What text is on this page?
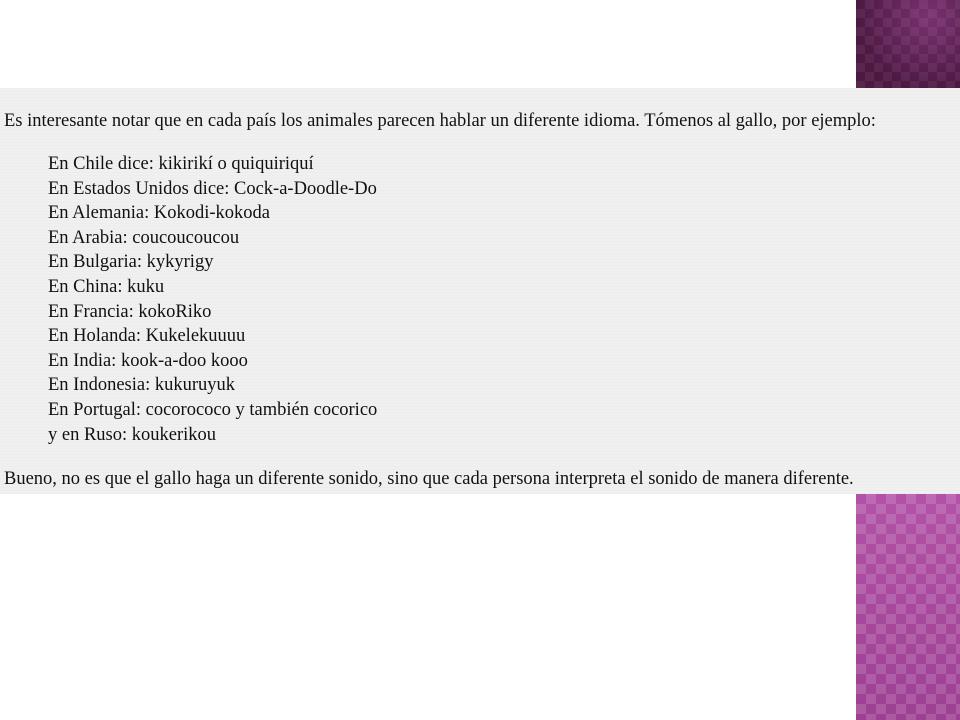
Es interesante notar que en cada país los animales parecen hablar un diferente idioma. Tómenos al gallo, por ejemplo:

En Chile dice: kikirikí o quiquiriquí
En Estados Unidos dice: Cock-a-Doodle-Do
En Alemania: Kokodi-kokoda
En Arabia: coucoucoucou
En Bulgaria: kykyrigy
En China: kuku
En Francia: kokoRiko
En Holanda: Kukelekuuuu
En India: kook-a-doo kooo
En Indonesia: kukuruyuk
En Portugal: cocorococo y también cocorico
y en Ruso: koukerikou

Bueno, no es que el gallo haga un diferente sonido, sino que cada persona interpreta el sonido de manera diferente.
